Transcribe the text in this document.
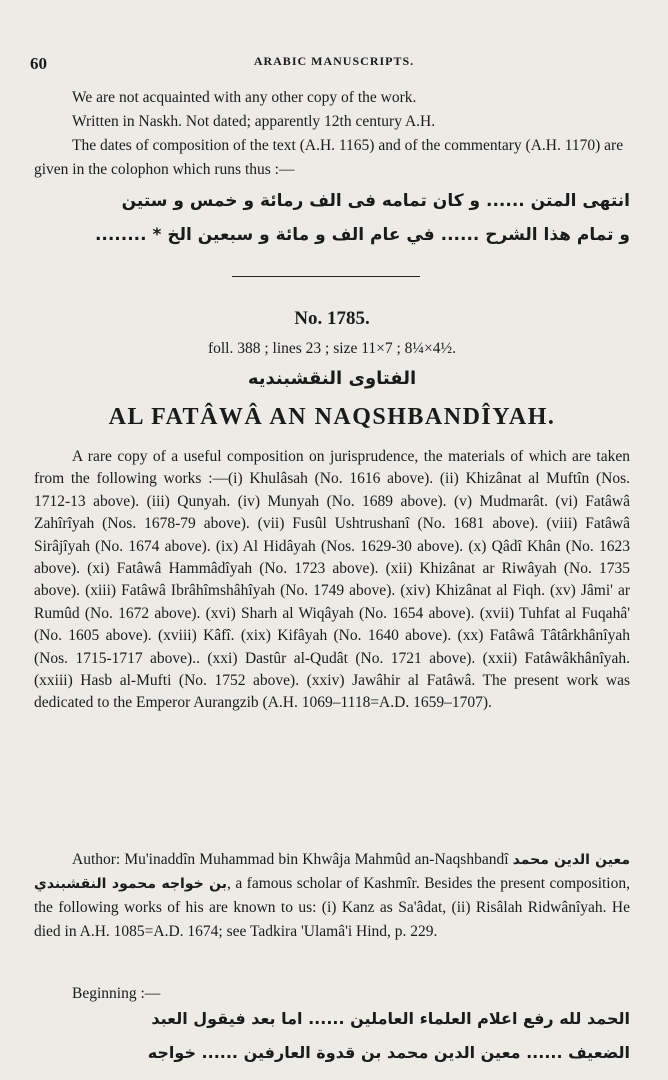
60	ARABIC MANUSCRIPTS.
We are not acquainted with any other copy of the work.
Written in Naskh. Not dated; apparently 12th century A.H.
The dates of composition of the text (A.H. 1165) and of the commentary (A.H. 1170) are given in the colophon which runs thus :—
انتهى المتن ...... و كان تمامه فى الف رمائة و خمس و ستين
و تمام هذا الشرح ...... في عام الف و مائة و سبعين الخ * ........
No. 1785.
foll. 388 ; lines 23 ; size 11×7 ; 8¼×4½.
الفتاوى النقشبنديه
AL FATÂWÂ AN NAQSHBANDÎYAH.
A rare copy of a useful composition on jurisprudence, the materials of which are taken from the following works :—(i) Khulâsah (No. 1616 above). (ii) Khizânat al Muftîn (Nos. 1712-13 above). (iii) Qunyah. (iv) Munyah (No. 1689 above). (v) Mudmarât. (vi) Fatâwâ Zahîrîyah (Nos. 1678-79 above). (vii) Fusûl Ushtrushanî (No. 1681 above). (viii) Fatâwâ Sirâjîyah (No. 1674 above). (ix) Al Hidâyah (Nos. 1629-30 above). (x) Qâdî Khân (No. 1623 above). (xi) Fatâwâ Hammâdîyah (No. 1723 above). (xii) Khizânat ar Riwâyah (No. 1735 above). (xiii) Fatâwâ Ibrâhîmshâhîyah (No. 1749 above). (xiv) Khizânat al Fiqh. (xv) Jâmi' ar Rumûd (No. 1672 above). (xvi) Sharh al Wiqâyah (No. 1654 above). (xvii) Tuhfat al Fuqahâ' (No. 1605 above). (xviii) Kâfî. (xix) Kifâyah (No. 1640 above). (xx) Fatâwâ Tâtârkhânîyah (Nos. 1715-1717 above).. (xxi) Dastûr al-Qudât (No. 1721 above). (xxii) Fatâwâkhânîyah. (xxiii) Hasb al-Mufti (No. 1752 above). (xxiv) Jawâhir al Fatâwâ. The present work was dedicated to the Emperor Aurangzib (A.H. 1069–1118=A.D. 1659–1707).
Author: Mu'inaddîn Muhammad bin Khwâja Mahmûd an-Naqshbandî معين الدين محمد بن خواجه محمود النقشبندي, a famous scholar of Kashmîr. Besides the present composition, the following works of his are known to us: (i) Kanz as Sa'âdat, (ii) Risâlah Ridwânîyah. He died in A.H. 1085=A.D. 1674; see Tadkira 'Ulamâ'i Hind, p. 229.
Beginning :—
الحمد لله رفع اعلام العلماء العاملين ...... اما بعد فيقول العبد
الضعيف ...... معين الدين محمد بن قدوة العارفين ...... خواجه
